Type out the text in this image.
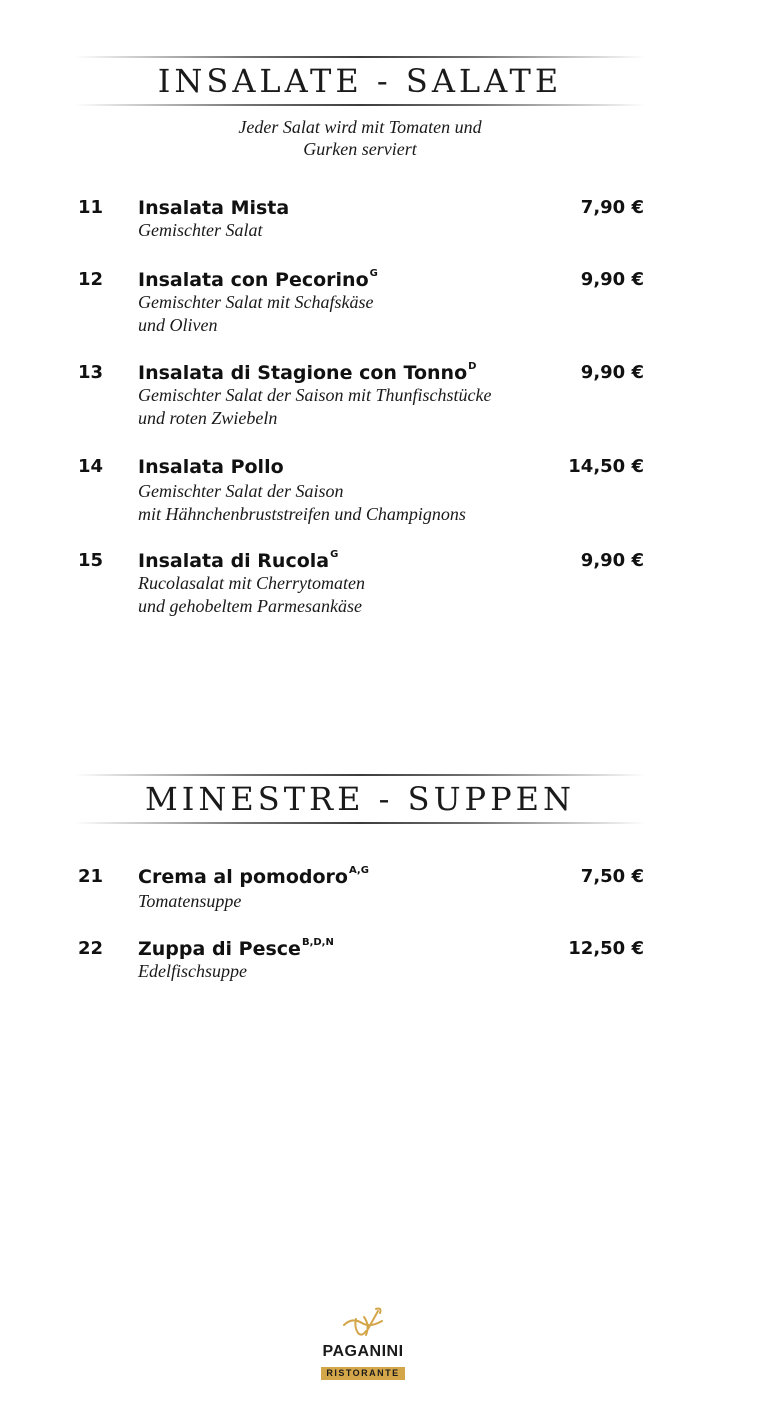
INSALATE - SALATE
Jeder Salat wird mit Tomaten und
Gurken serviert
11 Insalata Mista	7,90 €
Gemischter Salat
12 Insalata con Pecorino$^G$	9,90 €
Gemischter Salat mit Schafskäse
und Oliven
13 Insalata di Stagione con Tonno$^D$	9,90 €
Gemischter Salat der Saison mit Thunfischstücke
und roten Zwiebeln
14 Insalata Pollo	14,50 €
Gemischter Salat der Saison
mit Hähnchenbruststreifen und Champignons
15 Insalata di Rucola$^G$	9,90 €
Rucolasalat mit Cherrytomaten
und gehobeltem Parmesankäse
MINESTRE - SUPPEN
21 Crema al pomodoro$^{A,G}$	7,50 €
Tomatensuppe
22 Zuppa di Pesce$^{B,D,N}$	12,50 €
Edelfischsuppe
PAGANINI
RISTORANTE
